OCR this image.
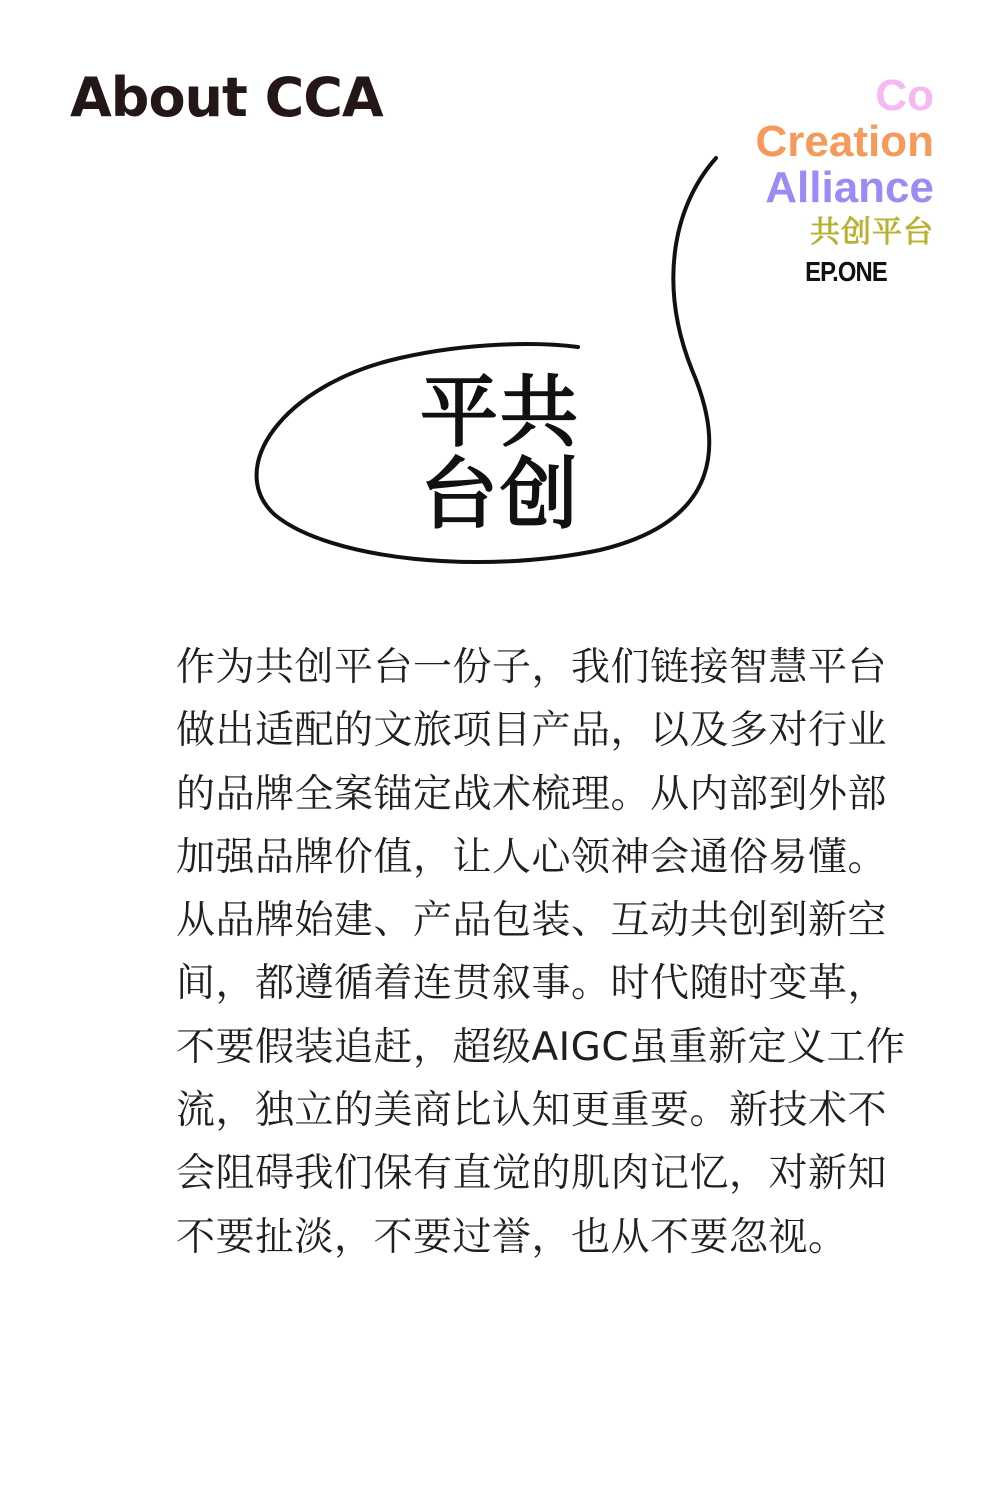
About CCA	Co
Creation
Alliance
共创平台
EP.ONE
平共
台创

作为共创平台一份子，我们链接智慧平台做出适配的文旅项目产品，以及多对行业的品牌全案锚定战术梳理。从内部到外部加强品牌价值，让人心领神会通俗易懂。从品牌始建、产品包装、互动共创到新空间，都遵循着连贯叙事。时代随时变革，不要假装追赶，超级AIGC虽重新定义工作流，独立的美商比认知更重要。新技术不会阻碍我们保有直觉的肌肉记忆，对新知不要扯淡，不要过誉，也从不要忽视。
